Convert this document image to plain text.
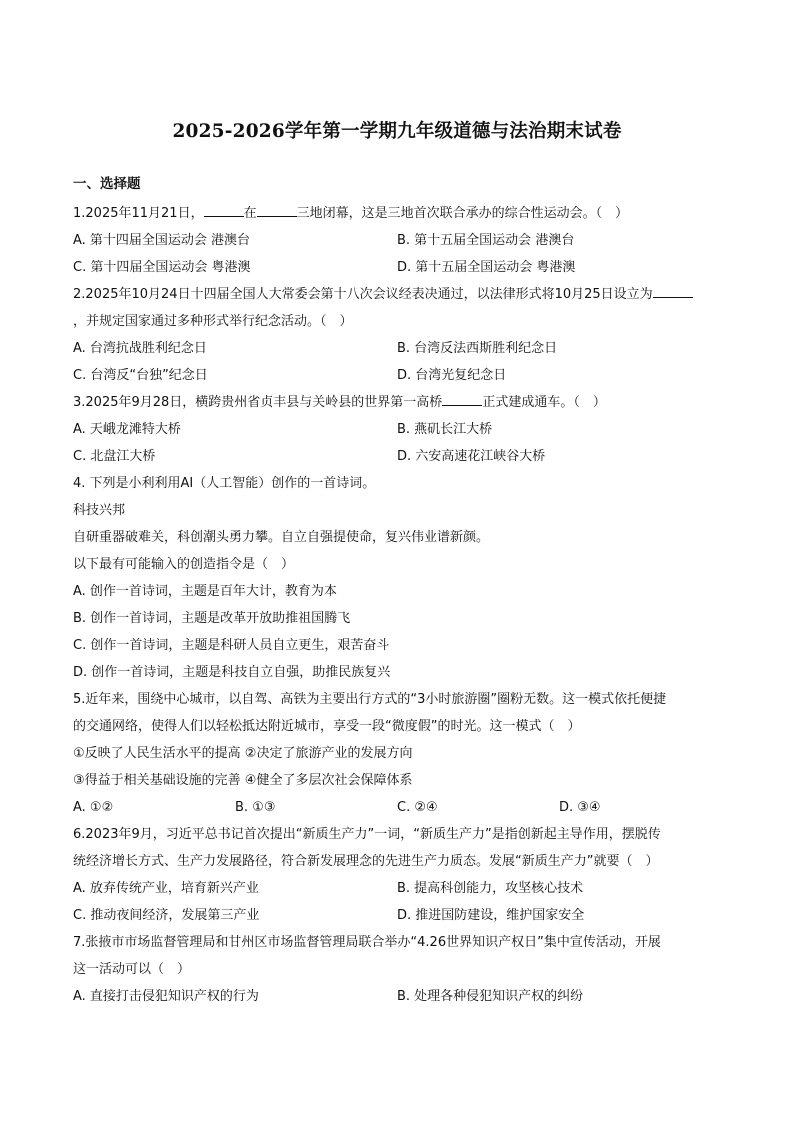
2025-2026学年第一学期九年级道德与法治期末试卷
一、选择题
1.2025年11月21日，	在	三地闭幕，这是三地首次联合承办的综合性运动会。（　）
A. 第十四届全国运动会 港澳台	B. 第十五届全国运动会 港澳台
C. 第十四届全国运动会 粤港澳	D. 第十五届全国运动会 粤港澳
2.2025年10月24日十四届全国人大常委会第十八次会议经表决通过，以法律形式将10月25日设立为
，并规定国家通过多种形式举行纪念活动。（　）
A. 台湾抗战胜利纪念日	B. 台湾反法西斯胜利纪念日
C. 台湾反“台独”纪念日	D. 台湾光复纪念日
3.2025年9月28日，横跨贵州省贞丰县与关岭县的世界第一高桥	正式建成通车。（　）
A. 天峨龙滩特大桥	B. 燕矶长江大桥
C. 北盘江大桥	D. 六安高速花江峡谷大桥
4. 下列是小利利用AI（人工智能）创作的一首诗词。
科技兴邦
自研重器破难关，科创潮头勇力攀。自立自强提使命，复兴伟业谱新颜。
以下最有可能输入的创造指令是（　）
A. 创作一首诗词，主题是百年大计，教育为本
B. 创作一首诗词，主题是改革开放助推祖国腾飞
C. 创作一首诗词，主题是科研人员自立更生，艰苦奋斗
D. 创作一首诗词，主题是科技自立自强，助推民族复兴
5.近年来，围绕中心城市，以自驾、高铁为主要出行方式的“3小时旅游圈”圈粉无数。这一模式依托便捷
的交通网络，使得人们以轻松抵达附近城市，享受一段“微度假”的时光。这一模式（　）
①反映了人民生活水平的提高 ②决定了旅游产业的发展方向
③得益于相关基础设施的完善 ④健全了多层次社会保障体系
A. ①②	B. ①③	C. ②④	D. ③④
6.2023年9月，习近平总书记首次提出“新质生产力”一词，“新质生产力”是指创新起主导作用，摆脱传
统经济增长方式、生产力发展路径，符合新发展理念的先进生产力质态。发展“新质生产力”就要（　）
A. 放弃传统产业，培育新兴产业	B. 提高科创能力，攻坚核心技术
C. 推动夜间经济，发展第三产业	D. 推进国防建设，维护国家安全
7.张掖市市场监督管理局和甘州区市场监督管理局联合举办“4.26世界知识产权日”集中宣传活动，开展
这一活动可以（　）
A. 直接打击侵犯知识产权的行为	B. 处理各种侵犯知识产权的纠纷
